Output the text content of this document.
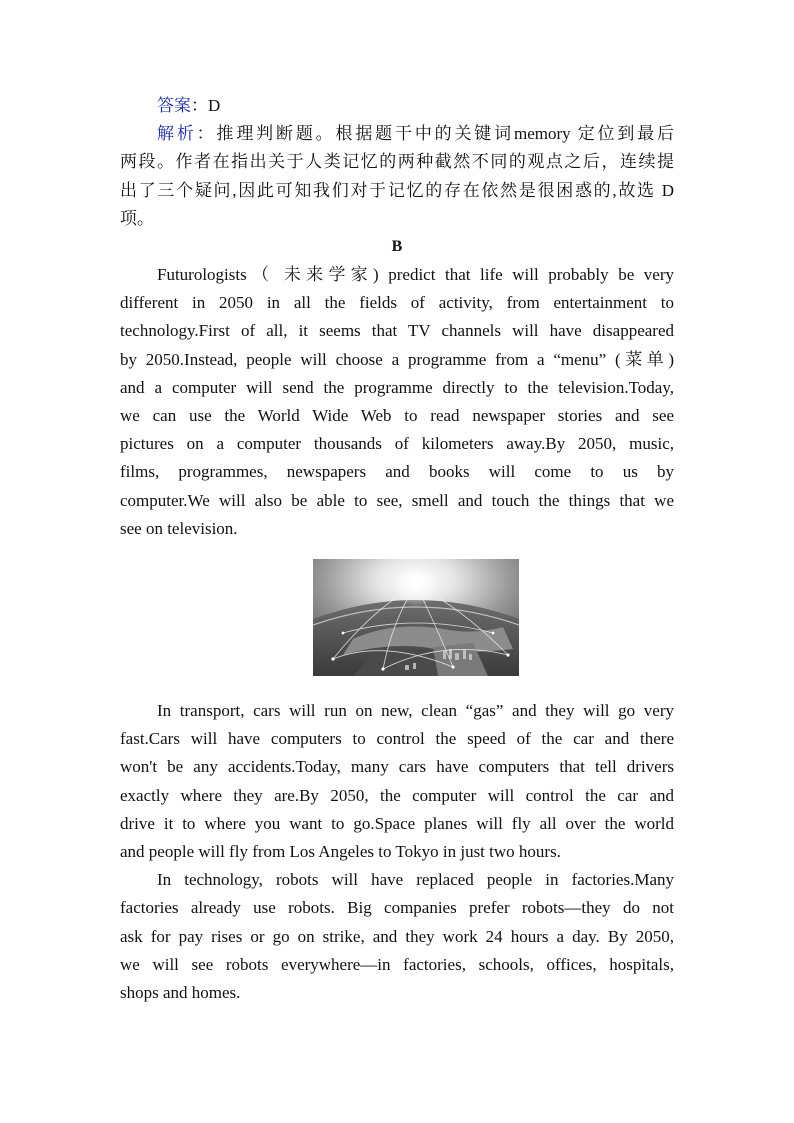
答案：D

解析：推理判断题。根据题干中的关键词memory 定位到最后

两段。作者在指出关于人类记忆的两种截然不同的观点之后，连续提

出了三个疑问,因此可知我们对于记忆的存在依然是很困惑的,故选 D

项。

B

Futurologists（ 未来学家) predict that life will probably be very

different in 2050 in all the fields of activity, from entertainment to

technology.First of all, it seems that TV channels will have disappeared

by 2050.Instead, people will choose a programme from a “menu” (菜单)

and a computer will send the programme directly to the television.Today,

we can use the World Wide Web to read newspaper stories and see

pictures on a computer thousands of kilometers away.By 2050, music,

films, programmes, newspapers and books will come to us by

computer.We will also be able to see, smell and touch the things that we

see on television.

In transport, cars will run on new, clean “gas” and they will go very

fast.Cars will have computers to control the speed of the car and there

won't be any accidents.Today, many cars have computers that tell drivers

exactly where they are.By 2050, the computer will control the car and

drive it to where you want to go.Space planes will fly all over the world

and people will fly from Los Angeles to Tokyo in just two hours.

In technology, robots will have replaced people in factories.Many

factories already use robots. Big companies prefer robots—they do not

ask for pay rises or go on strike, and they work 24 hours a day. By 2050,

we will see robots everywhere—in factories, schools, offices, hospitals,

shops and homes.
